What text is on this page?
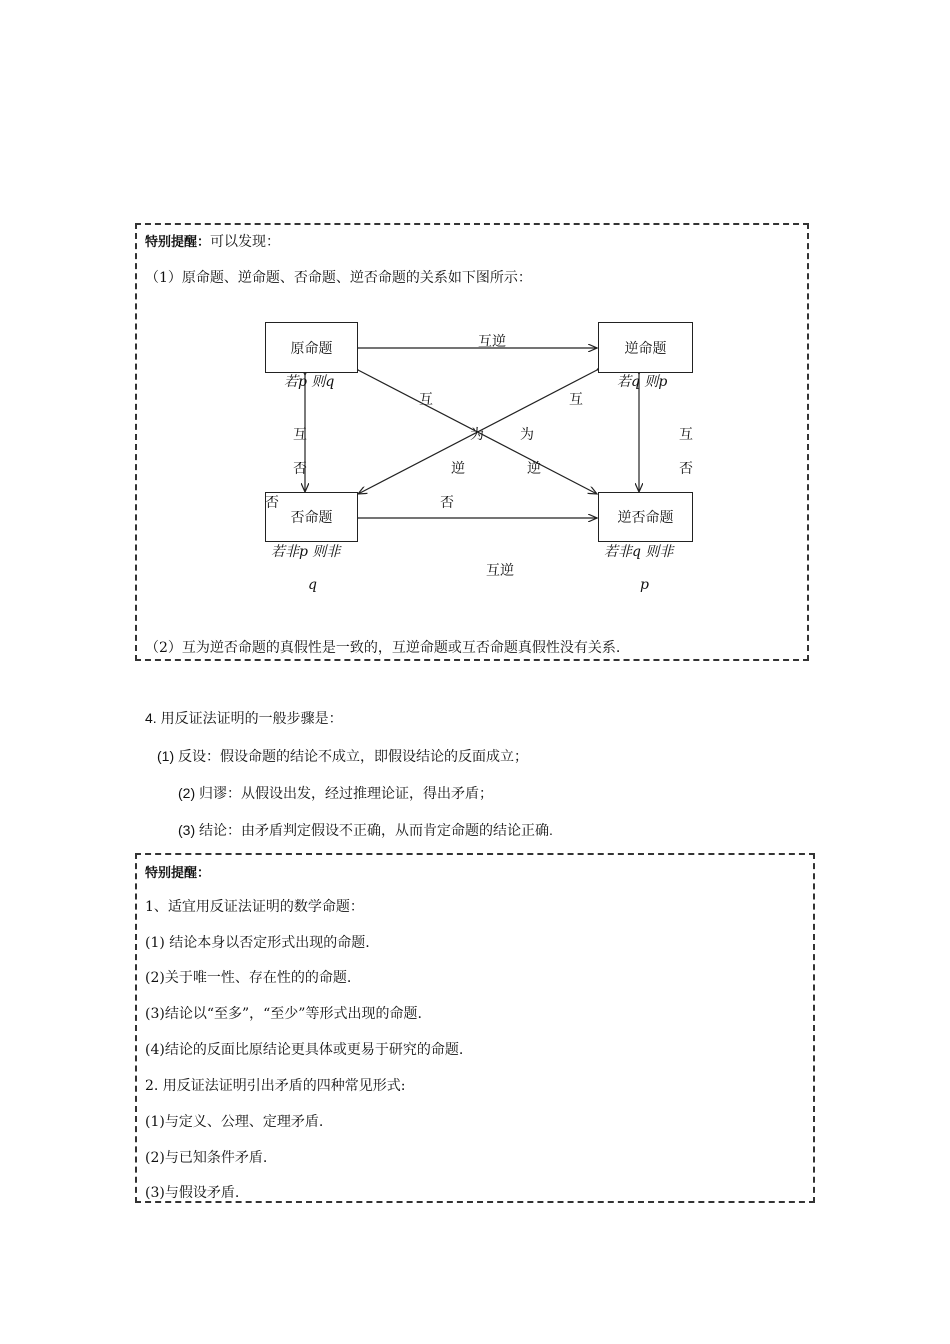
特别提醒：可以发现：
（1）原命题、逆命题、否命题、逆否命题的关系如下图所示：
原命题	逆命题
否命题	逆否命题
若p 则q	若q 则p
若非p 则非
q
若非q 则非
p
互逆
互逆
互
否
否
互
否
互
为
逆
否
互
为
逆
（2）互为逆否命题的真假性是一致的，互逆命题或互否命题真假性没有关系.
4. 用反证法证明的一般步骤是：
(1) 反设：假设命题的结论不成立，即假设结论的反面成立；
(2) 归谬：从假设出发，经过推理论证，得出矛盾；
(3) 结论：由矛盾判定假设不正确，从而肯定命题的结论正确.
特别提醒：
1、适宜用反证法证明的数学命题：
(1) 结论本身以否定形式出现的命题.
(2)关于唯一性、存在性的的命题.
(3)结论以“至多”，“至少”等形式出现的命题.
(4)结论的反面比原结论更具体或更易于研究的命题.
2. 用反证法证明引出矛盾的四种常见形式:
(1)与定义、公理、定理矛盾.
(2)与已知条件矛盾.
(3)与假设矛盾.
